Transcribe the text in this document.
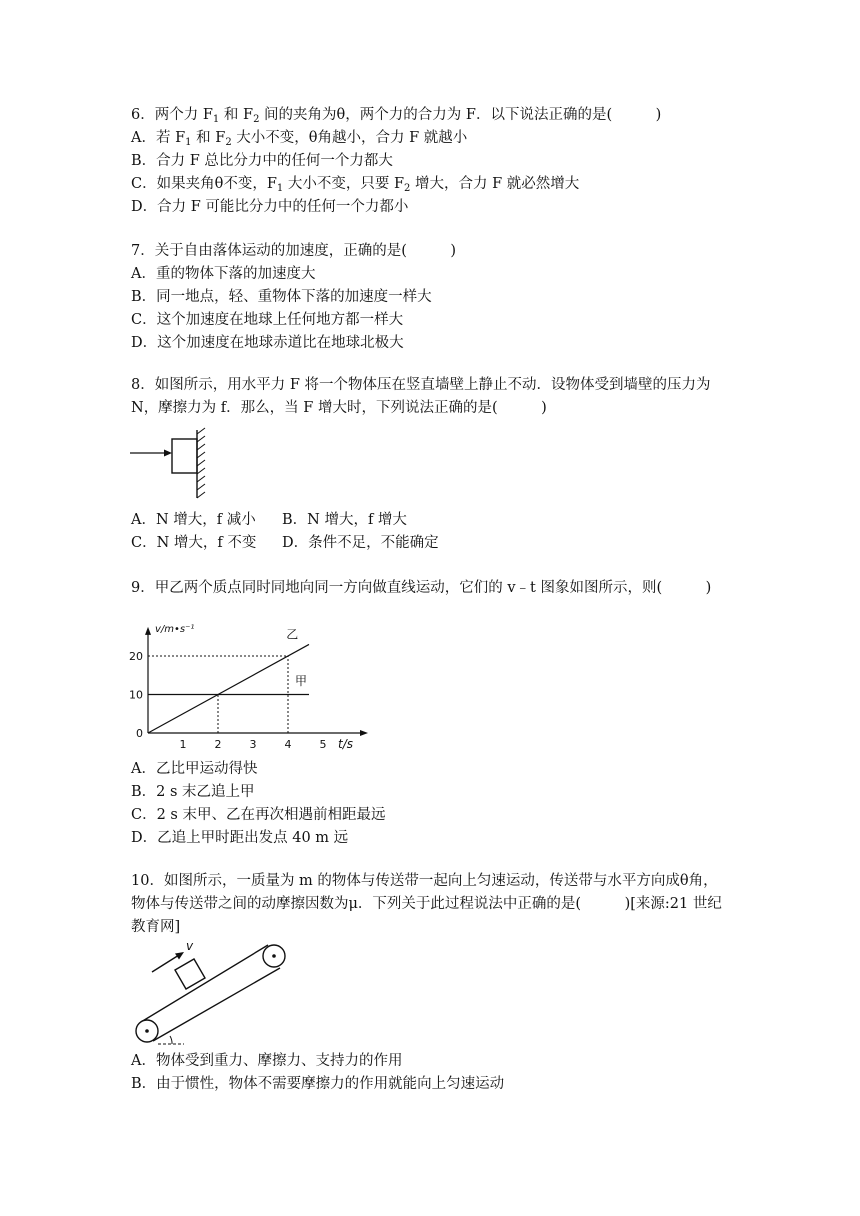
6．两个力 $F_1$ 和 $F_2$ 间的夹角为θ，两个力的合力为 F．以下说法正确的是(　　　)
A．若 $F_1$ 和 $F_2$ 大小不变，θ角越小，合力 F 就越小
B．合力 F 总比分力中的任何一个力都大
C．如果夹角θ不变，$F_1$ 大小不变，只要 $F_2$ 增大，合力 F 就必然增大
D．合力 F 可能比分力中的任何一个力都小
7．关于自由落体运动的加速度，正确的是(　　　)
A．重的物体下落的加速度大
B．同一地点，轻、重物体下落的加速度一样大
C．这个加速度在地球上任何地方都一样大
D．这个加速度在地球赤道比在地球北极大
8．如图所示，用水平力 F 将一个物体压在竖直墙壁上静止不动．设物体受到墙壁的压力为
N，摩擦力为 f．那么，当 F 增大时，下列说法正确的是(　　　)
A．N 增大，f 减小	B．N 增大，f 增大
C．N 增大，f 不变	D．条件不足，不能确定
9．甲乙两个质点同时同地向同一方向做直线运动，它们的 v﹣t 图象如图所示，则(　　　)
1	2	3	4	5
0
10
20
v/m•s⁻¹
t/s
甲
乙
A．乙比甲运动得快
B．2 s 末乙追上甲
C．2 s 末甲、乙在再次相遇前相距最远
D．乙追上甲时距出发点 40 m 远
10．如图所示，一质量为 m 的物体与传送带一起向上匀速运动，传送带与水平方向成θ角，
物体与传送带之间的动摩擦因数为μ．下列关于此过程说法中正确的是(　　　)[来源:21 世纪
教育网]
v
A．物体受到重力、摩擦力、支持力的作用
B．由于惯性，物体不需要摩擦力的作用就能向上匀速运动
